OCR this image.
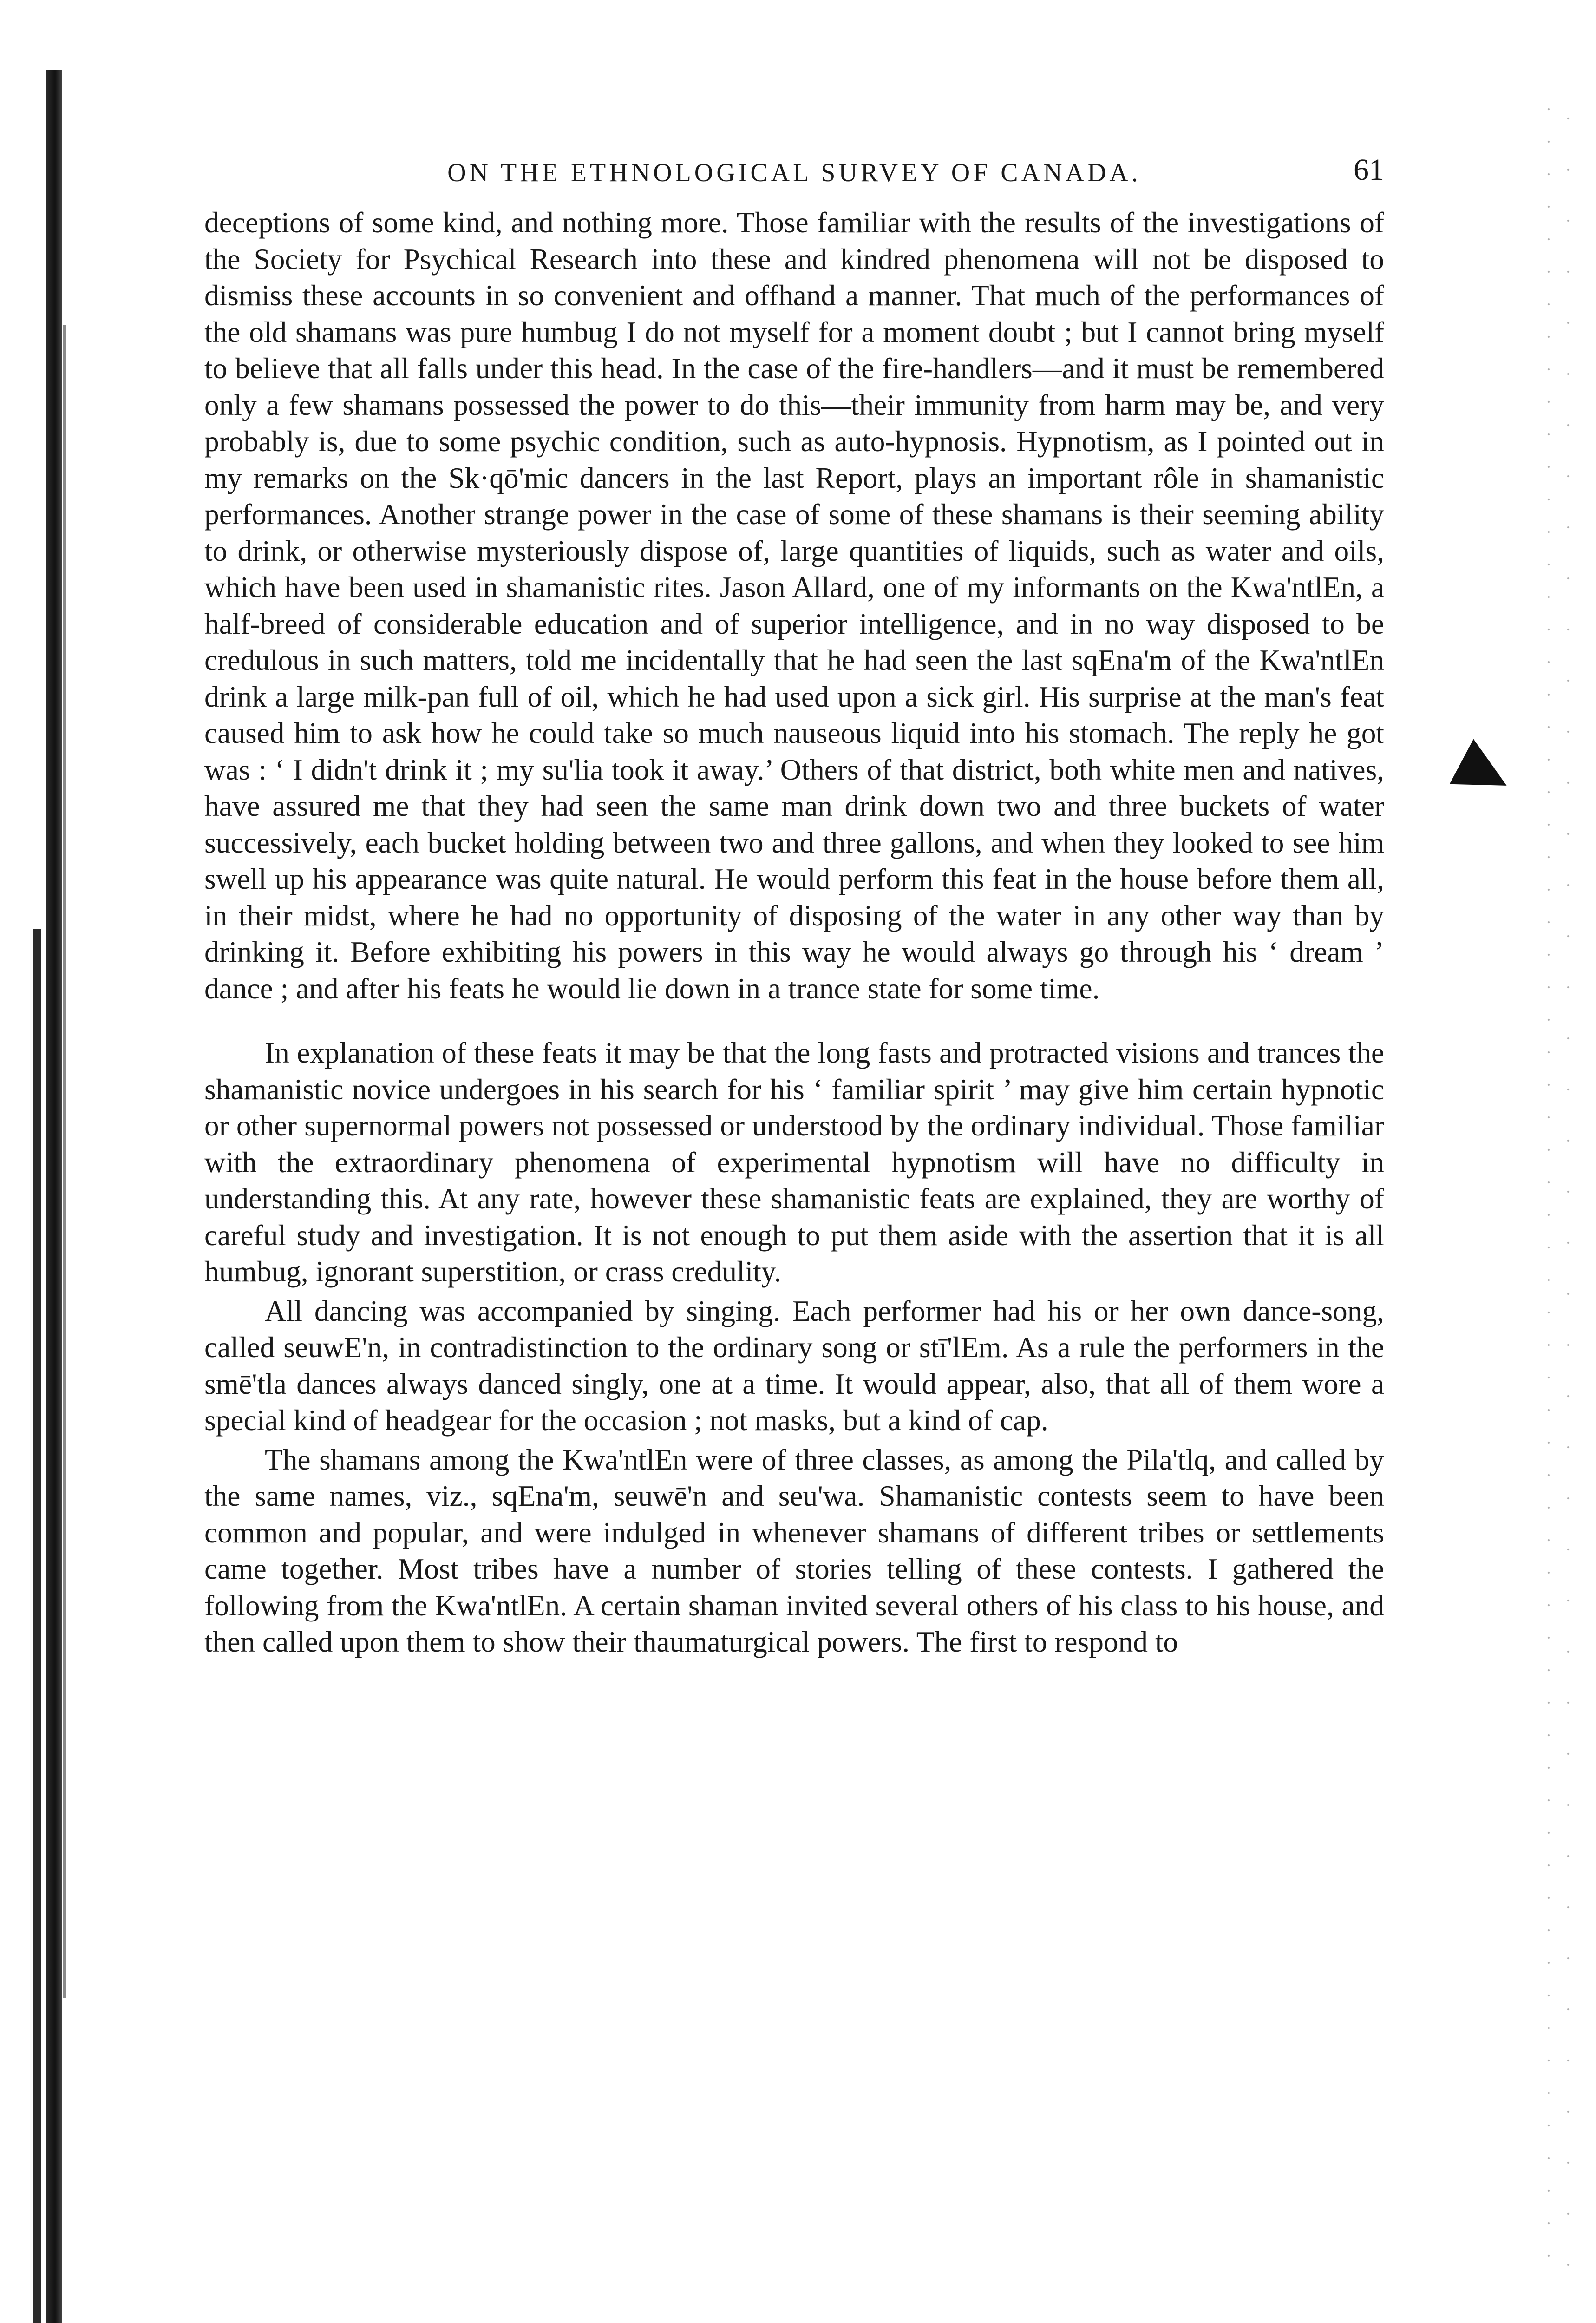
ON THE ETHNOLOGICAL SURVEY OF CANADA.	61

deceptions of some kind, and nothing more. Those familiar with the results of the investigations of the Society for Psychical Research into these and kindred phenomena will not be disposed to dismiss these accounts in so convenient and offhand a manner. That much of the performances of the old shamans was pure humbug I do not myself for a moment doubt ; but I cannot bring myself to believe that all falls under this head. In the case of the fire-handlers—and it must be remembered only a few shamans possessed the power to do this—their immunity from harm may be, and very probably is, due to some psychic condition, such as auto-hypnosis. Hypnotism, as I pointed out in my remarks on the Sk·qō'mic dancers in the last Report, plays an important rôle in shamanistic performances. Another strange power in the case of some of these shamans is their seeming ability to drink, or otherwise mysteriously dispose of, large quantities of liquids, such as water and oils, which have been used in shamanistic rites. Jason Allard, one of my informants on the Kwa'ntlEn, a half-breed of considerable education and of superior intelligence, and in no way disposed to be credulous in such matters, told me incidentally that he had seen the last sqEna'm of the Kwa'ntlEn drink a large milk-pan full of oil, which he had used upon a sick girl. His surprise at the man's feat caused him to ask how he could take so much nauseous liquid into his stomach. The reply he got was : ‘ I didn't drink it ; my su'lia took it away.’ Others of that district, both white men and natives, have assured me that they had seen the same man drink down two and three buckets of water successively, each bucket holding between two and three gallons, and when they looked to see him swell up his appearance was quite natural. He would perform this feat in the house before them all, in their midst, where he had no opportunity of disposing of the water in any other way than by drinking it. Before exhibiting his powers in this way he would always go through his ‘ dream ’ dance ; and after his feats he would lie down in a trance state for some time.

In explanation of these feats it may be that the long fasts and protracted visions and trances the shamanistic novice undergoes in his search for his ‘ familiar spirit ’ may give him certain hypnotic or other supernormal powers not possessed or understood by the ordinary individual. Those familiar with the extraordinary phenomena of experimental hypnotism will have no difficulty in understanding this. At any rate, however these shamanistic feats are explained, they are worthy of careful study and investigation. It is not enough to put them aside with the assertion that it is all humbug, ignorant superstition, or crass credulity.

All dancing was accompanied by singing. Each performer had his or her own dance-song, called seuwE'n, in contradistinction to the ordinary song or stī'lEm. As a rule the performers in the smē'tla dances always danced singly, one at a time. It would appear, also, that all of them wore a special kind of headgear for the occasion ; not masks, but a kind of cap.

The shamans among the Kwa'ntlEn were of three classes, as among the Pila'tlq, and called by the same names, viz., sqEna'm, seuwē'n and seu'wa. Shamanistic contests seem to have been common and popular, and were indulged in whenever shamans of different tribes or settlements came together. Most tribes have a number of stories telling of these contests. I gathered the following from the Kwa'ntlEn. A certain shaman invited several others of his class to his house, and then called upon them to show their thaumaturgical powers. The first to respond to
